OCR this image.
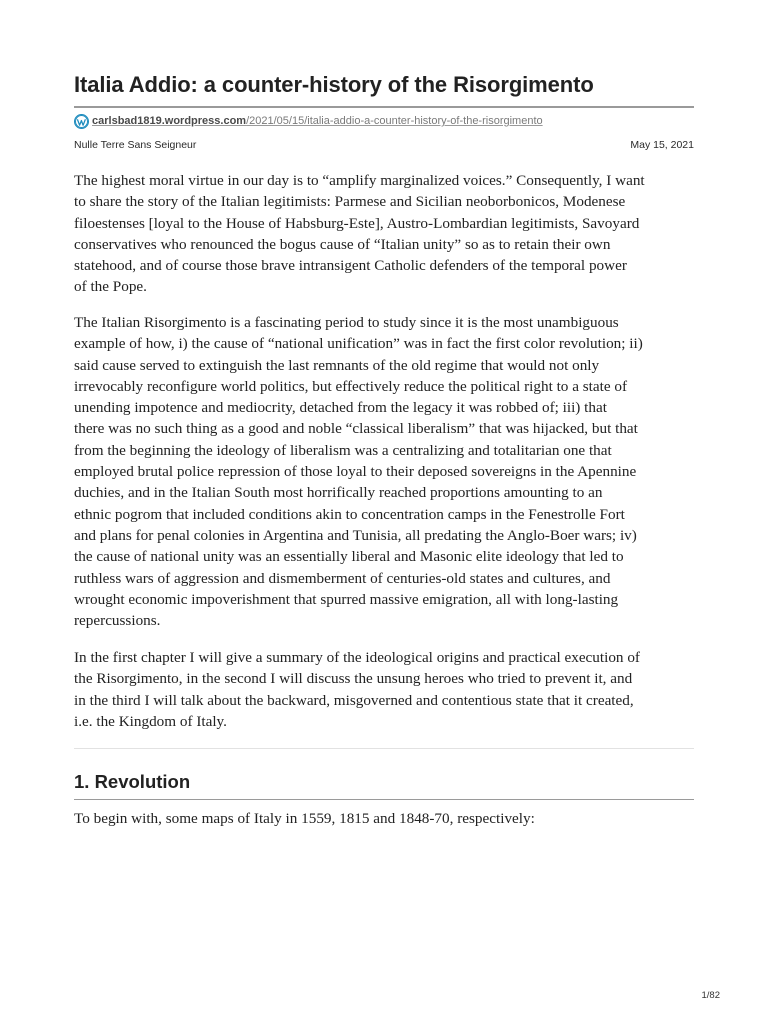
Italia Addio: a counter-history of the Risorgimento
carlsbad1819.wordpress.com/2021/05/15/italia-addio-a-counter-history-of-the-risorgimento
Nulle Terre Sans Seigneur	May 15, 2021

The highest moral virtue in our day is to “amplify marginalized voices.” Consequently, I want
to share the story of the Italian legitimists: Parmese and Sicilian neoborbonicos, Modenese
filoestenses [loyal to the House of Habsburg-Este], Austro-Lombardian legitimists, Savoyard
conservatives who renounced the bogus cause of “Italian unity” so as to retain their own
statehood, and of course those brave intransigent Catholic defenders of the temporal power
of the Pope.

The Italian Risorgimento is a fascinating period to study since it is the most unambiguous
example of how, i) the cause of “national unification” was in fact the first color revolution; ii)
said cause served to extinguish the last remnants of the old regime that would not only
irrevocably reconfigure world politics, but effectively reduce the political right to a state of
unending impotence and mediocrity, detached from the legacy it was robbed of; iii) that
there was no such thing as a good and noble “classical liberalism” that was hijacked, but that
from the beginning the ideology of liberalism was a centralizing and totalitarian one that
employed brutal police repression of those loyal to their deposed sovereigns in the Apennine
duchies, and in the Italian South most horrifically reached proportions amounting to an
ethnic pogrom that included conditions akin to concentration camps in the Fenestrolle Fort
and plans for penal colonies in Argentina and Tunisia, all predating the Anglo-Boer wars; iv)
the cause of national unity was an essentially liberal and Masonic elite ideology that led to
ruthless wars of aggression and dismemberment of centuries-old states and cultures, and
wrought economic impoverishment that spurred massive emigration, all with long-lasting
repercussions.

In the first chapter I will give a summary of the ideological origins and practical execution of
the Risorgimento, in the second I will discuss the unsung heroes who tried to prevent it, and
in the third I will talk about the backward, misgoverned and contentious state that it created,
i.e. the Kingdom of Italy.

1. Revolution

To begin with, some maps of Italy in 1559, 1815 and 1848-70, respectively:

1/82
